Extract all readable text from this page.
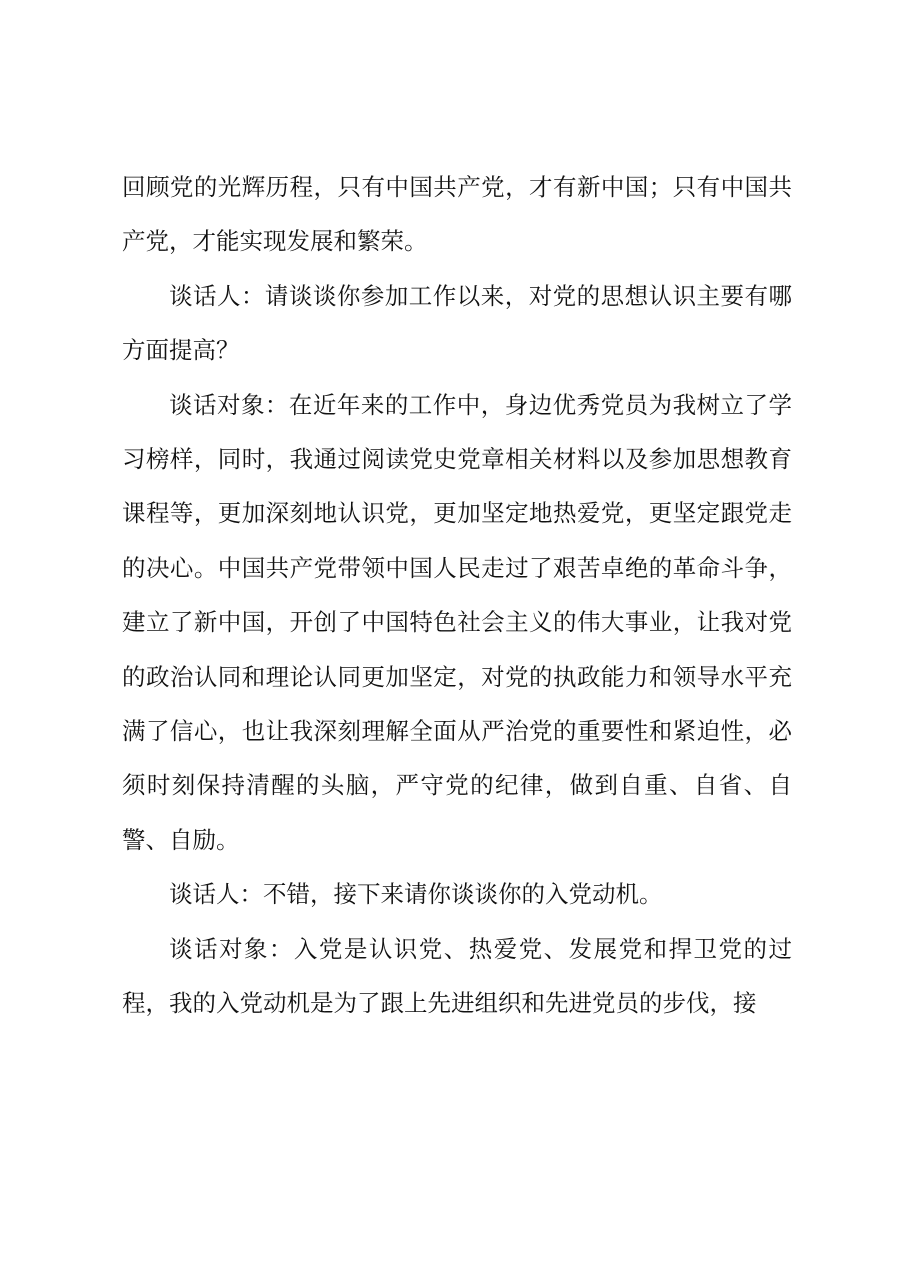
回顾党的光辉历程，只有中国共产党，才有新中国；只有中国共产党，才能实现发展和繁荣。

谈话人：请谈谈你参加工作以来，对党的思想认识主要有哪方面提高？

谈话对象：在近年来的工作中，身边优秀党员为我树立了学习榜样，同时，我通过阅读党史党章相关材料以及参加思想教育课程等，更加深刻地认识党，更加坚定地热爱党，更坚定跟党走的决心。中国共产党带领中国人民走过了艰苦卓绝的革命斗争，建立了新中国，开创了中国特色社会主义的伟大事业，让我对党的政治认同和理论认同更加坚定，对党的执政能力和领导水平充满了信心，也让我深刻理解全面从严治党的重要性和紧迫性，必须时刻保持清醒的头脑，严守党的纪律，做到自重、自省、自警、自励。

谈话人：不错，接下来请你谈谈你的入党动机。

谈话对象：入党是认识党、热爱党、发展党和捍卫党的过程，我的入党动机是为了跟上先进组织和先进党员的步伐，接
